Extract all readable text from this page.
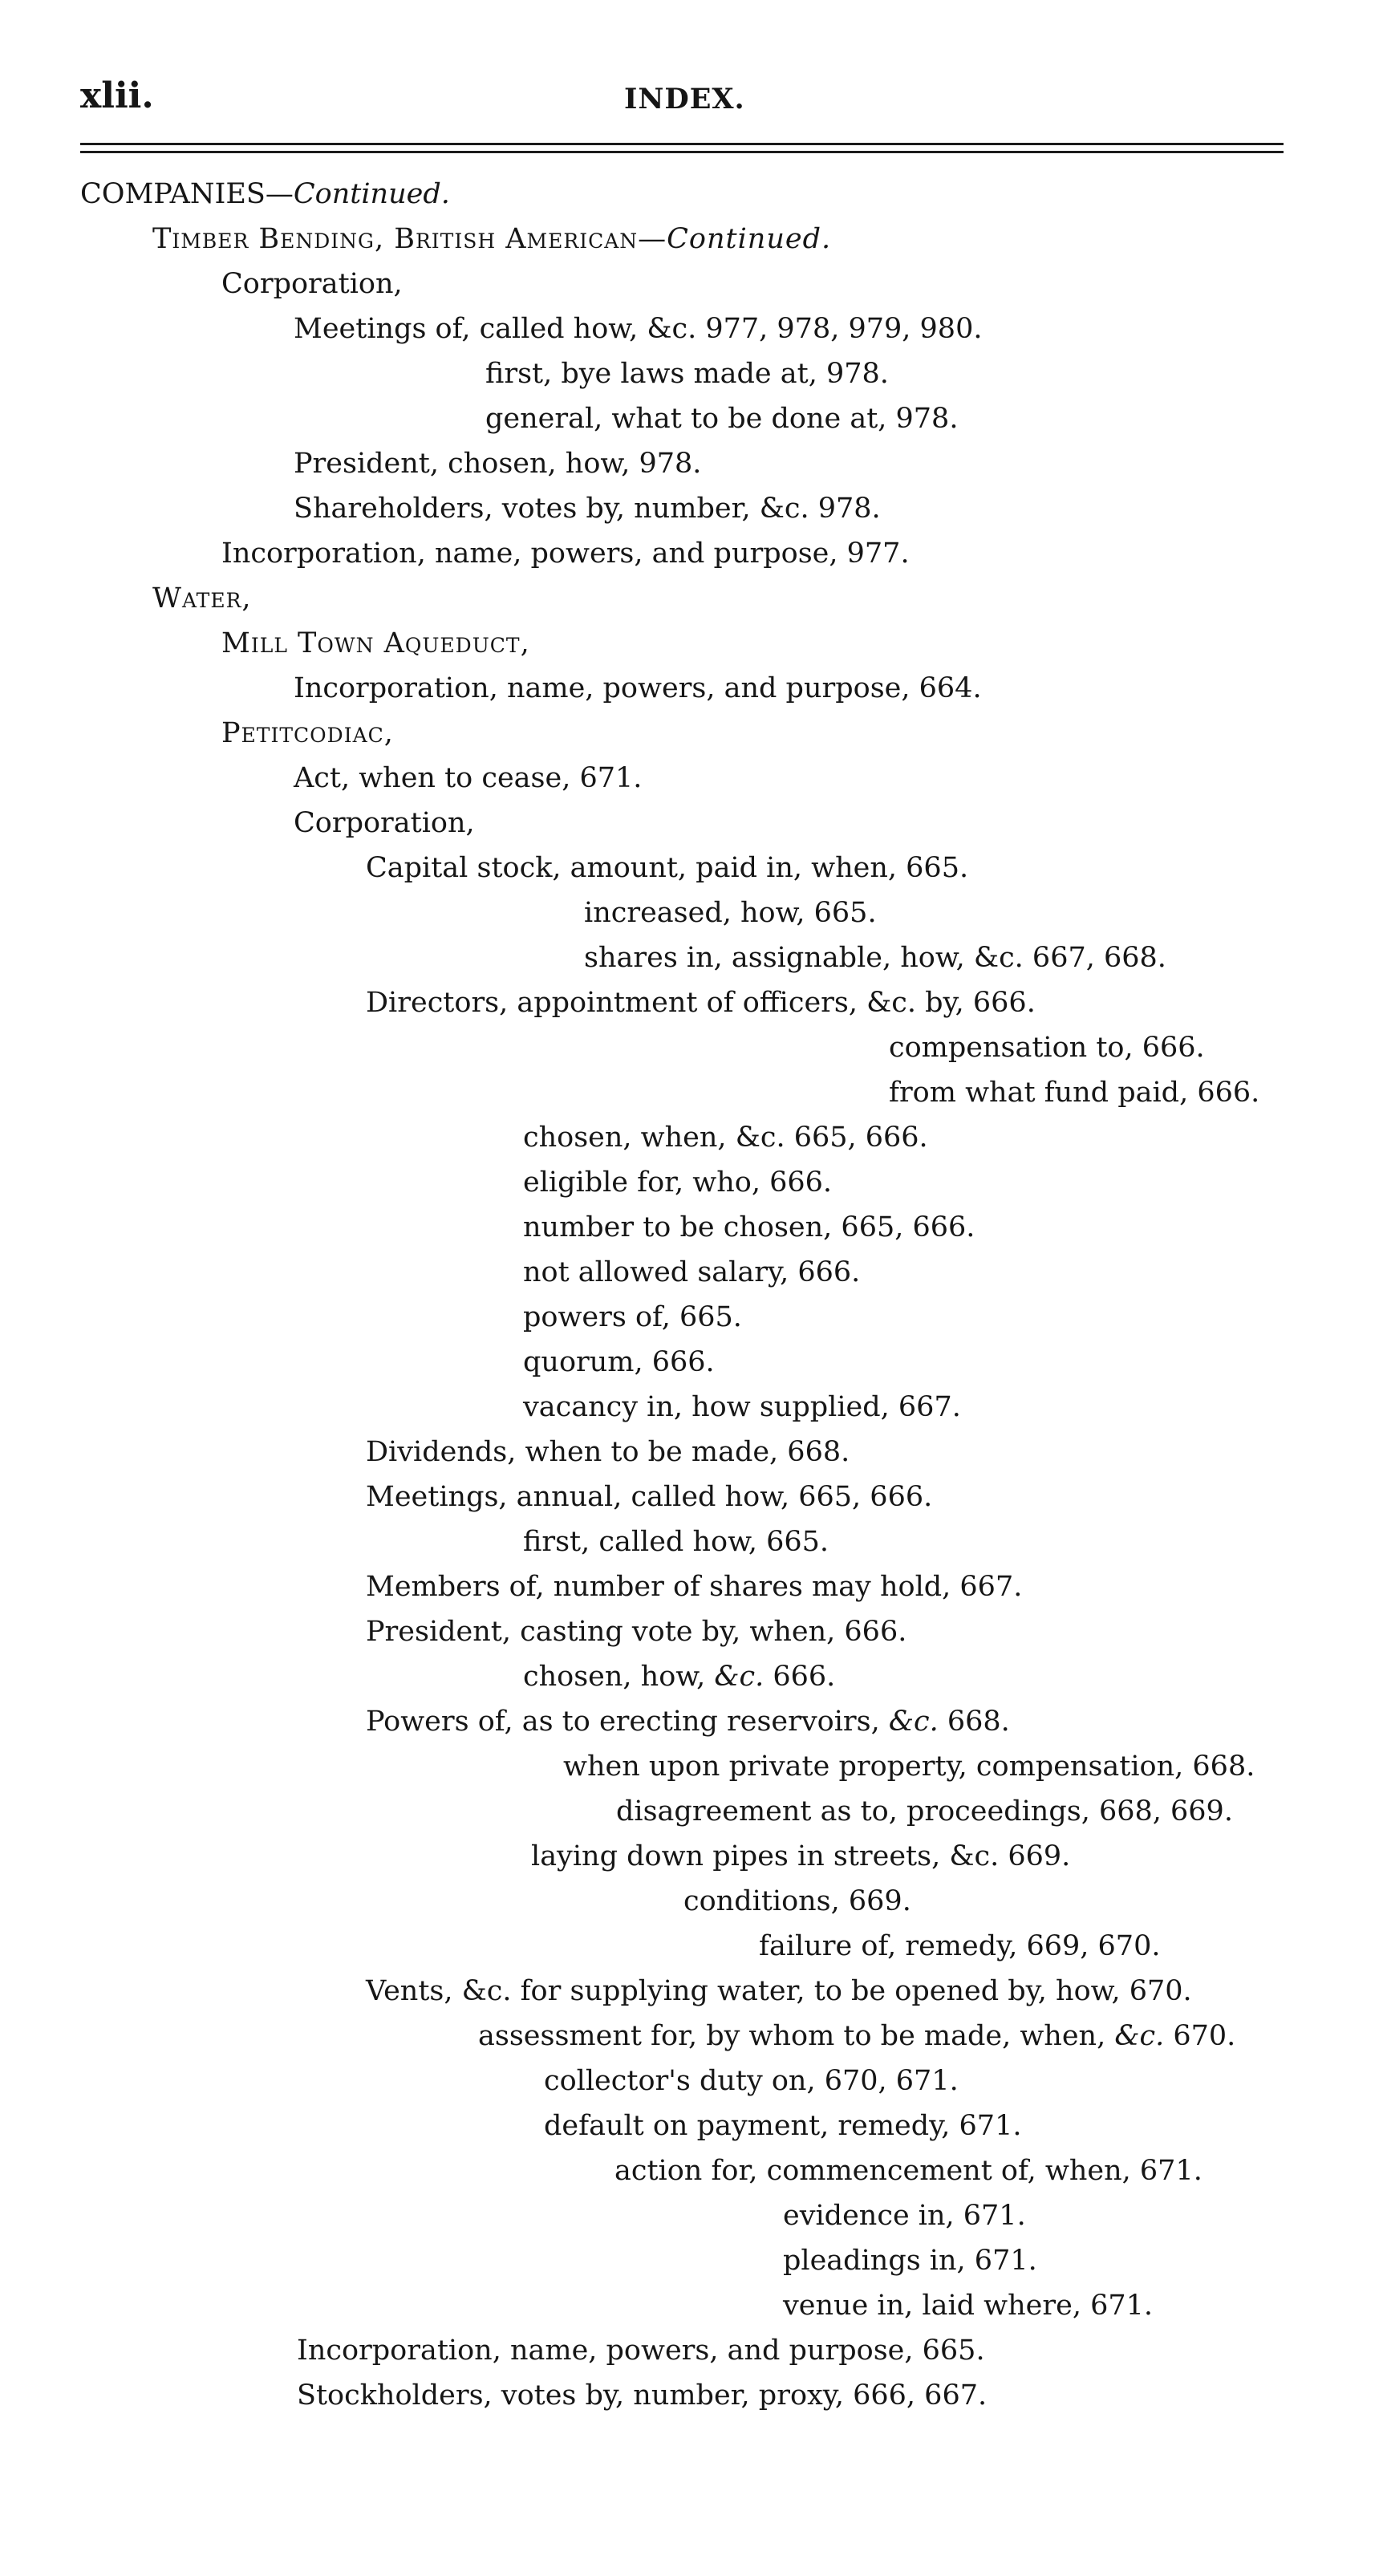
xlii.	INDEX.
COMPANIES—Continued.
Timber Bending, British American—Continued.
Corporation,
Meetings of, called how, &c. 977, 978, 979, 980.
first, bye laws made at, 978.
general, what to be done at, 978.
President, chosen, how, 978.
Shareholders, votes by, number, &c. 978.
Incorporation, name, powers, and purpose, 977.
Water,
Mill Town Aqueduct,
Incorporation, name, powers, and purpose, 664.
Petitcodiac,
Act, when to cease, 671.
Corporation,
Capital stock, amount, paid in, when, 665.
increased, how, 665.
shares in, assignable, how, &c. 667, 668.
Directors, appointment of officers, &c. by, 666.
compensation to, 666.
from what fund paid, 666.
chosen, when, &c. 665, 666.
eligible for, who, 666.
number to be chosen, 665, 666.
not allowed salary, 666.
powers of, 665.
quorum, 666.
vacancy in, how supplied, 667.
Dividends, when to be made, 668.
Meetings, annual, called how, 665, 666.
first, called how, 665.
Members of, number of shares may hold, 667.
President, casting vote by, when, 666.
chosen, how, &c. 666.
Powers of, as to erecting reservoirs, &c. 668.
when upon private property, compensation, 668.
disagreement as to, proceedings, 668, 669.
laying down pipes in streets, &c. 669.
conditions, 669.
failure of, remedy, 669, 670.
Vents, &c. for supplying water, to be opened by, how, 670.
assessment for, by whom to be made, when, &c. 670.
collector's duty on, 670, 671.
default on payment, remedy, 671.
action for, commencement of, when, 671.
evidence in, 671.
pleadings in, 671.
venue in, laid where, 671.
Incorporation, name, powers, and purpose, 665.
Stockholders, votes by, number, proxy, 666, 667.
